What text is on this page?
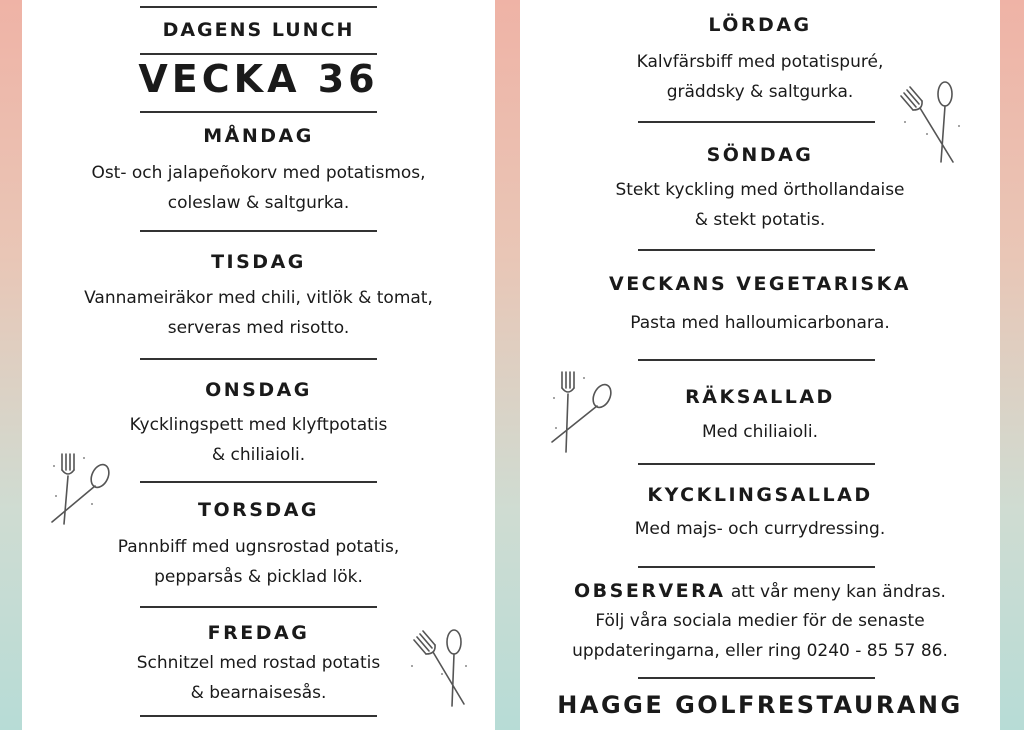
DAGENS LUNCH
VECKA 36
MÅNDAG
Ost- och jalapeñokorv med potatismos,
coleslaw & saltgurka.
TISDAG
Vannameiräkor med chili, vitlök & tomat,
serveras med risotto.
ONSDAG
Kycklingspett med klyftpotatis
& chiliaioli.
TORSDAG
Pannbiff med ugnsrostad potatis,
pepparsås & picklad lök.
FREDAG
Schnitzel med rostad potatis
& bearnaisesås.
LÖRDAG
Kalvfärsbiff med potatispuré,
gräddsky & saltgurka.
SÖNDAG
Stekt kyckling med örthollandaise
& stekt potatis.
VECKANS VEGETARISKA
Pasta med halloumicarbonara.
RÄKSALLAD
Med chiliaioli.
KYCKLINGSALLAD
Med majs- och currydressing.
OBSERVERA att vår meny kan ändras.
Följ våra sociala medier för de senaste
uppdateringarna, eller ring 0240 - 85 57 86.
HAGGE GOLFRESTAURANG
